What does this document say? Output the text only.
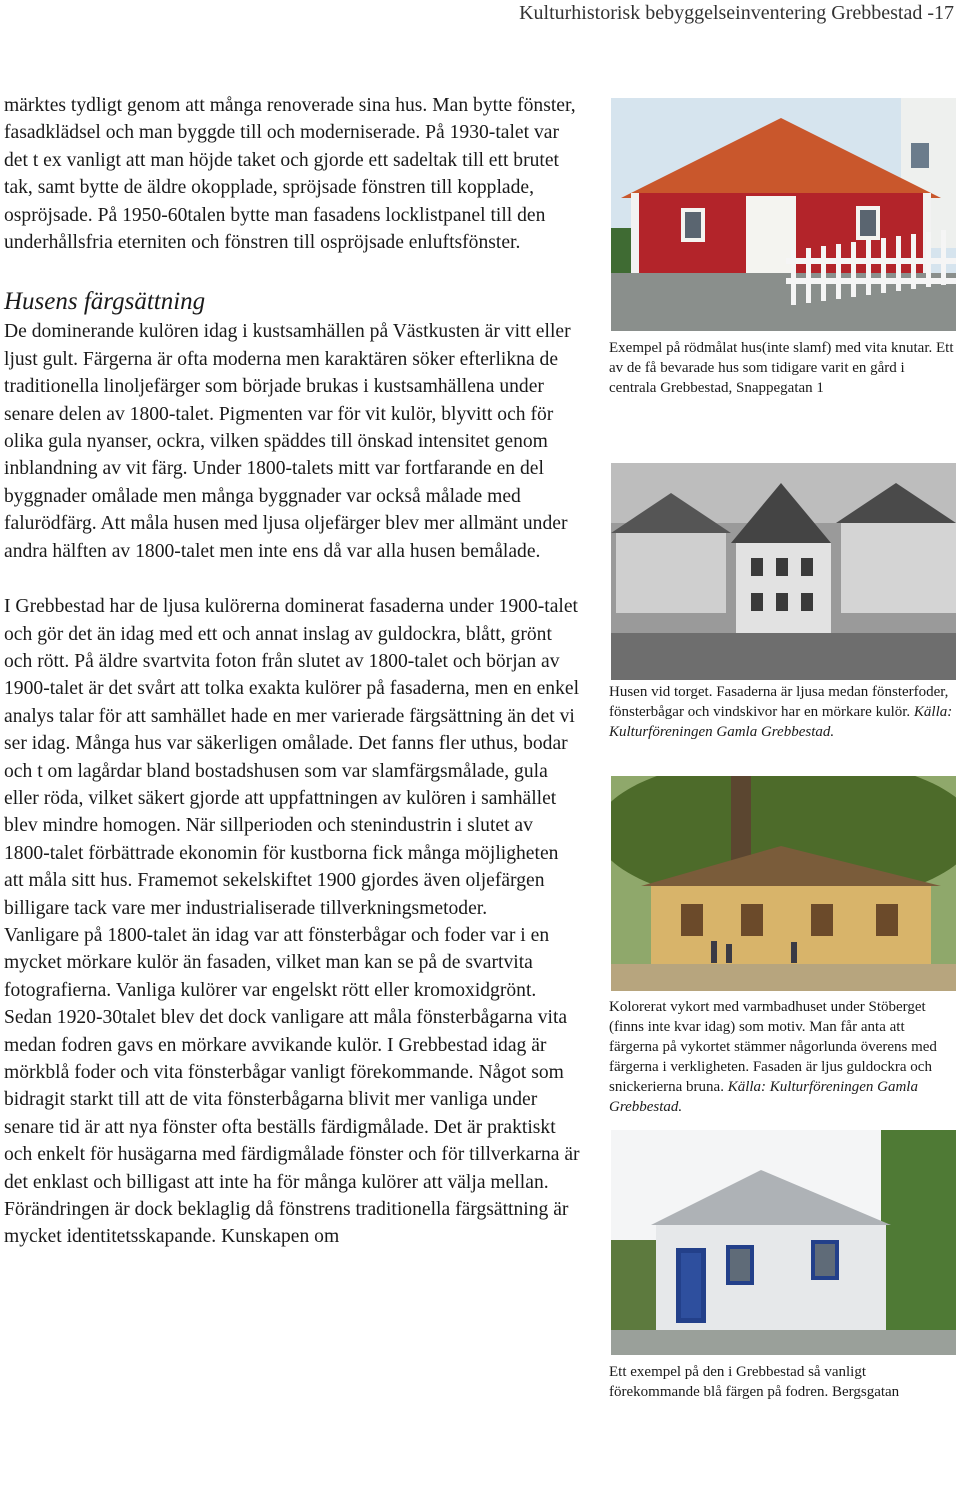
Kulturhistorisk bebyggelseinventering Grebbestad -17

märktes tydligt genom att många renoverade sina hus. Man bytte fönster, fasadklädsel och man byggde till och moderniserade. På 1930-talet var det t ex vanligt att man höjde taket och gjorde ett sadeltak till ett brutet tak, samt bytte de äldre okopplade, spröjsade fönstren till kopplade, ospröjsade. På 1950-60talen bytte man fasadens locklistpanel till den underhållsfria eterniten och fönstren till ospröjsade enluftsfönster.

Husens färgsättning

De dominerande kulören idag i kustsamhällen på Västkusten är vitt eller ljust gult. Färgerna är ofta moderna men karaktären söker efterlikna de traditionella linoljefärger som började brukas i kustsamhällena under senare delen av 1800-talet. Pigmenten var för vit kulör, blyvitt och för olika gula nyanser, ockra, vilken späddes till önskad intensitet genom inblandning av vit färg. Under 1800-talets mitt var fortfarande en del byggnader omålade men många byggnader var också målade med falurödfärg. Att måla husen med ljusa oljefärger blev mer allmänt under andra hälften av 1800-talet men inte ens då var alla husen bemålade.

I Grebbestad har de ljusa kulörerna dominerat fasaderna under 1900-talet och gör det än idag med ett och annat inslag av guldockra, blått, grönt och rött. På äldre svartvita foton från slutet av 1800-talet och början av 1900-talet är det svårt att tolka exakta kulörer på fasaderna, men en enkel analys talar för att samhället hade en mer varierade färgsättning än det vi ser idag. Många hus var säkerligen omålade. Det fanns fler uthus, bodar och t om lagårdar bland bostadshusen som var slamfärgsmålade, gula eller röda, vilket säkert gjorde att uppfattningen av kulören i samhället blev mindre homogen. När sillperioden och stenindustrin i slutet av 1800-talet förbättrade ekonomin för kustborna fick många möjligheten att måla sitt hus. Framemot sekelskiftet 1900 gjordes även oljefärgen billigare tack vare mer industrialiserade tillverkningsmetoder.

Vanligare på 1800-talet än idag var att fönsterbågar och foder var i en mycket mörkare kulör än fasaden, vilket man kan se på de svartvita fotografierna. Vanliga kulörer var engelskt rött eller kromoxidgrönt. Sedan 1920-30talet blev det dock vanligare att måla fönsterbågarna vita medan fodren gavs en mörkare avvikande kulör. I Grebbestad idag är mörkblå foder och vita fönsterbågar vanligt förekommande. Något som bidragit starkt till att de vita fönsterbågarna blivit mer vanliga under senare tid är att nya fönster ofta beställs färdigmålade. Det är praktiskt och enkelt för husägarna med färdigmålade fönster och för tillverkarna är det enklast och billigast att inte ha för många kulörer att välja mellan. Förändringen är dock beklaglig då fönstrens traditionella färgsättning är mycket identitetsskapande. Kunskapen om

Exempel på rödmålat hus(inte slamf) med vita knutar. Ett av de få bevarade hus som tidigare varit en gård i centrala Grebbestad, Snappegatan 1
Husen vid torget. Fasaderna är ljusa medan fönsterfoder, fönsterbågar och vindskivor har en mörkare kulör. Källa: Kulturföreningen Gamla Grebbestad.
Kolorerat vykort med varmbadhuset under Stöberget (finns inte kvar idag) som motiv. Man får anta att färgerna på vykortet stämmer någorlunda överens med färgerna i verkligheten. Fasaden är ljus guldockra och snickerierna bruna. Källa: Kulturföreningen Gamla Grebbestad.
Ett exempel på den i Grebbestad så vanligt förekommande blå färgen på fodren. Bergsgatan
